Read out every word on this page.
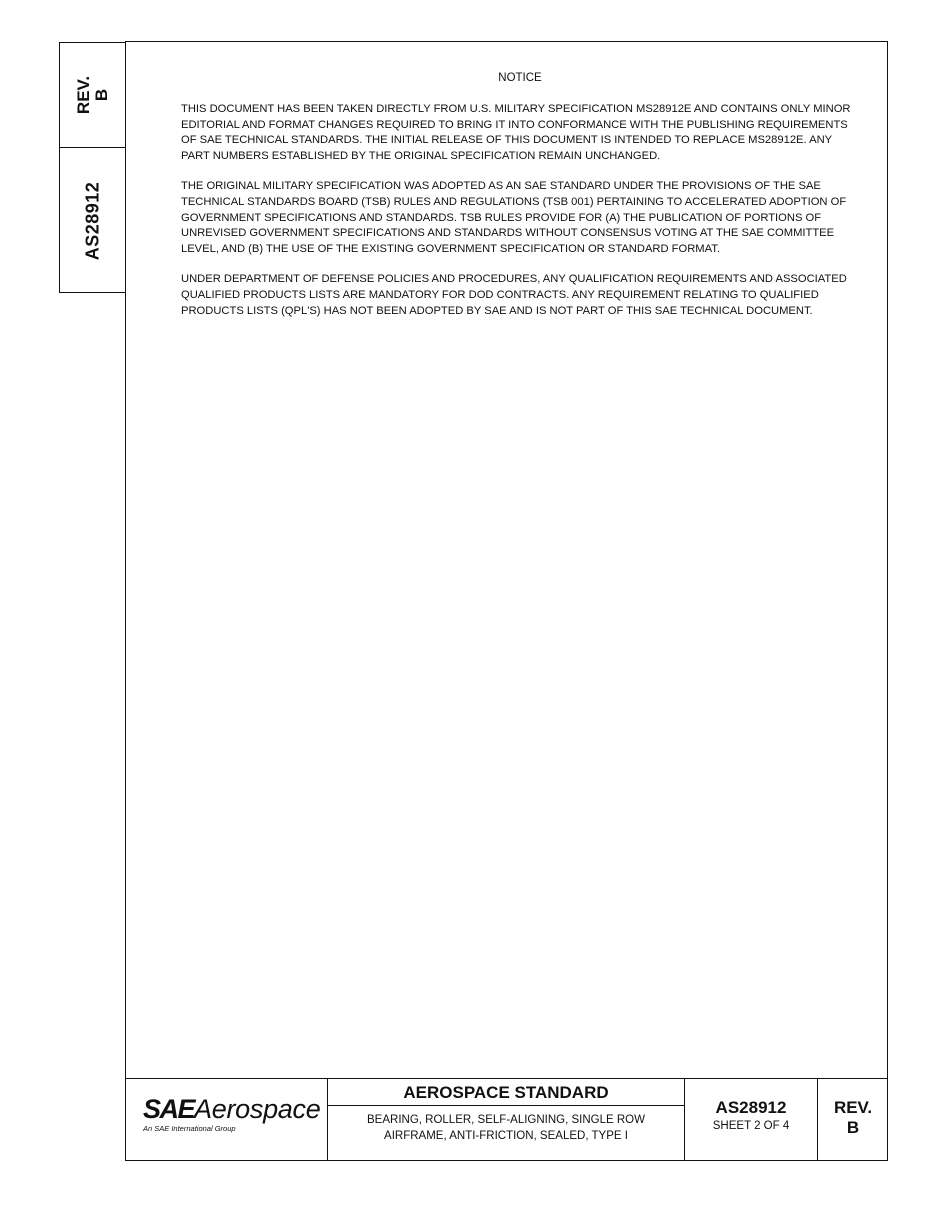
REV. B
AS28912
NOTICE

THIS DOCUMENT HAS BEEN TAKEN DIRECTLY FROM U.S. MILITARY SPECIFICATION MS28912E AND CONTAINS ONLY MINOR EDITORIAL AND FORMAT CHANGES REQUIRED TO BRING IT INTO CONFORMANCE WITH THE PUBLISHING REQUIREMENTS OF SAE TECHNICAL STANDARDS. THE INITIAL RELEASE OF THIS DOCUMENT IS INTENDED TO REPLACE MS28912E. ANY PART NUMBERS ESTABLISHED BY THE ORIGINAL SPECIFICATION REMAIN UNCHANGED.

THE ORIGINAL MILITARY SPECIFICATION WAS ADOPTED AS AN SAE STANDARD UNDER THE PROVISIONS OF THE SAE TECHNICAL STANDARDS BOARD (TSB) RULES AND REGULATIONS (TSB 001) PERTAINING TO ACCELERATED ADOPTION OF GOVERNMENT SPECIFICATIONS AND STANDARDS. TSB RULES PROVIDE FOR (A) THE PUBLICATION OF PORTIONS OF UNREVISED GOVERNMENT SPECIFICATIONS AND STANDARDS WITHOUT CONSENSUS VOTING AT THE SAE COMMITTEE LEVEL, AND (B) THE USE OF THE EXISTING GOVERNMENT SPECIFICATION OR STANDARD FORMAT.

UNDER DEPARTMENT OF DEFENSE POLICIES AND PROCEDURES, ANY QUALIFICATION REQUIREMENTS AND ASSOCIATED QUALIFIED PRODUCTS LISTS ARE MANDATORY FOR DOD CONTRACTS. ANY REQUIREMENT RELATING TO QUALIFIED PRODUCTS LISTS (QPL'S) HAS NOT BEEN ADOPTED BY SAE AND IS NOT PART OF THIS SAE TECHNICAL DOCUMENT.

SAEAerospace
An SAE International Group
AEROSPACE STANDARD
BEARING, ROLLER, SELF-ALIGNING, SINGLE ROW
AIRFRAME, ANTI-FRICTION, SEALED, TYPE I
AS28912
SHEET 2 OF 4
REV.
B
